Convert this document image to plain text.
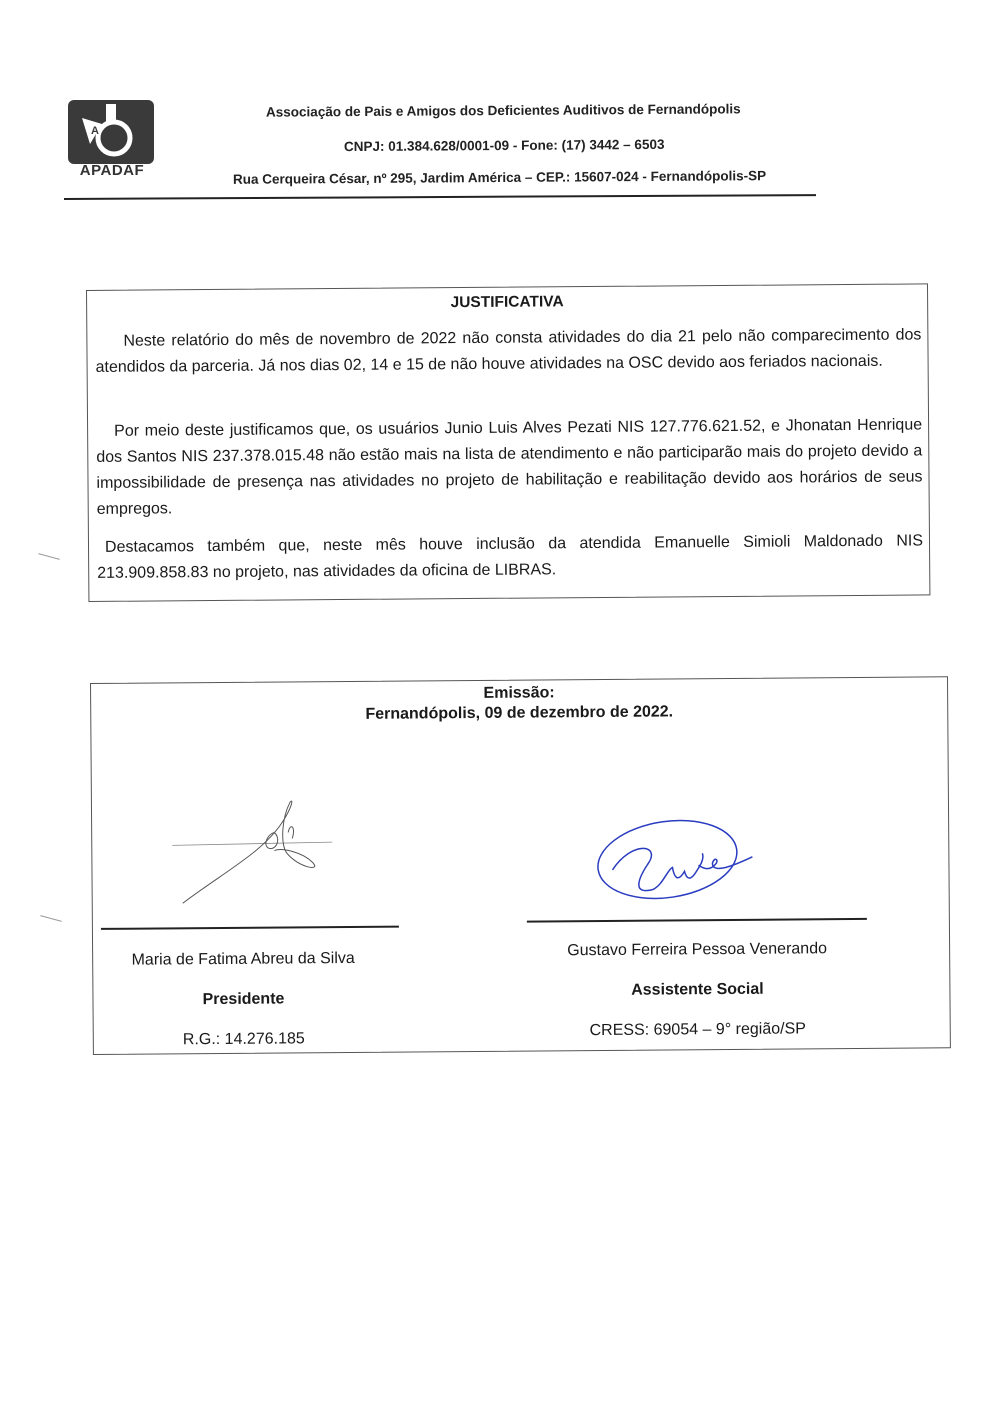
A
APADAF
Associação de Pais e Amigos dos Deficientes Auditivos de Fernandópolis
CNPJ: 01.384.628/0001-09 - Fone: (17) 3442 – 6503
Rua Cerqueira César, nº 295, Jardim América – CEP.: 15607-024 - Fernandópolis-SP
JUSTIFICATIVA
Neste relatório do mês de novembro de 2022 não consta atividades do dia 21 pelo não comparecimento dos atendidos da parceria. Já nos dias 02, 14 e 15 de não houve atividades na OSC devido aos feriados nacionais.
Por meio deste justificamos que, os usuários Junio Luis Alves Pezati NIS 127.776.621.52, e Jhonatan Henrique dos Santos NIS 237.378.015.48 não estão mais na lista de atendimento e não participarão mais do projeto devido a impossibilidade de presença nas atividades no projeto de habilitação e reabilitação devido aos horários de seus empregos.
Destacamos também que, neste mês houve inclusão da atendida Emanuelle Simioli Maldonado NIS 213.909.858.83 no projeto, nas atividades da oficina de LIBRAS.
Emissão:
Fernandópolis, 09 de dezembro de 2022.
Maria de Fatima Abreu da Silva
Presidente
R.G.: 14.276.185
Gustavo Ferreira Pessoa Venerando
Assistente Social
CRESS: 69054 – 9° região/SP
